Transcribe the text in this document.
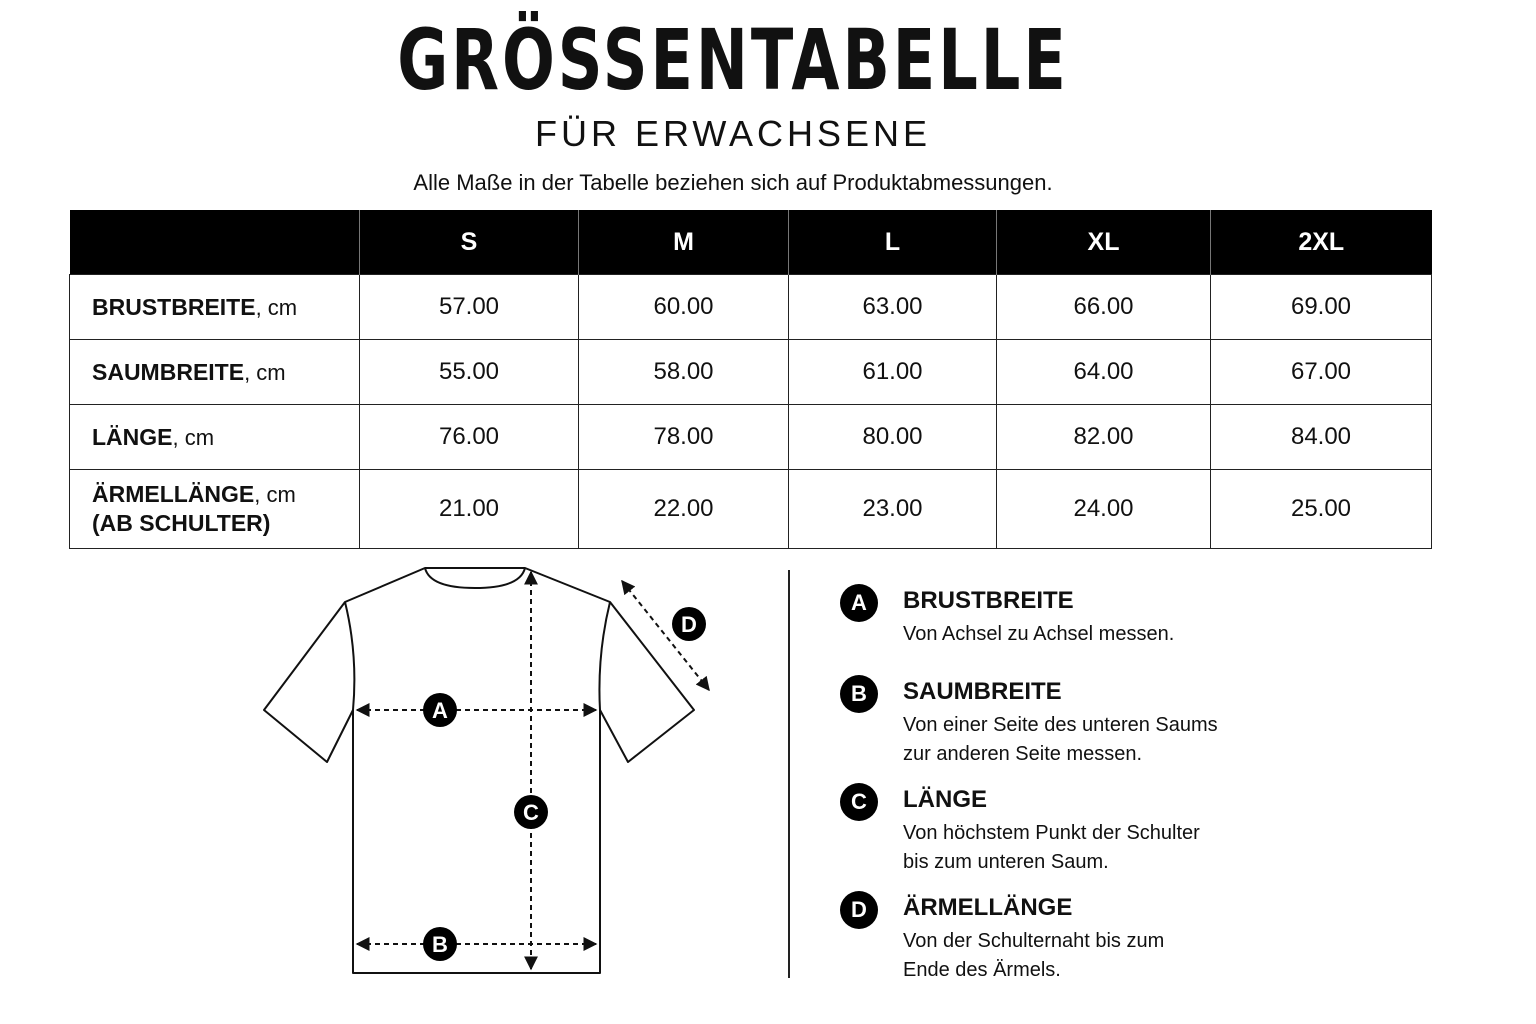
GRÖSSENTABELLE
FÜR ERWACHSENE
Alle Maße in der Tabelle beziehen sich auf Produktabmessungen.
	S	M	L	XL	2XL
BRUSTBREITE, cm	57.00	60.00	63.00	66.00	69.00
SAUMBREITE, cm	55.00	58.00	61.00	64.00	67.00
LÄNGE, cm	76.00	78.00	80.00	82.00	84.00
ÄRMELLÄNGE, cm
(AB SCHULTER)	21.00	22.00	23.00	24.00	25.00
A
B
C
D
A	BRUSTBREITE

Von Achsel zu Achsel messen.

B	SAUMBREITE

Von einer Seite des unteren Saums
zur anderen Seite messen.

C	LÄNGE

Von höchstem Punkt der Schulter
bis zum unteren Saum.

D	ÄRMELLÄNGE

Von der Schulternaht bis zum
Ende des Ärmels.
